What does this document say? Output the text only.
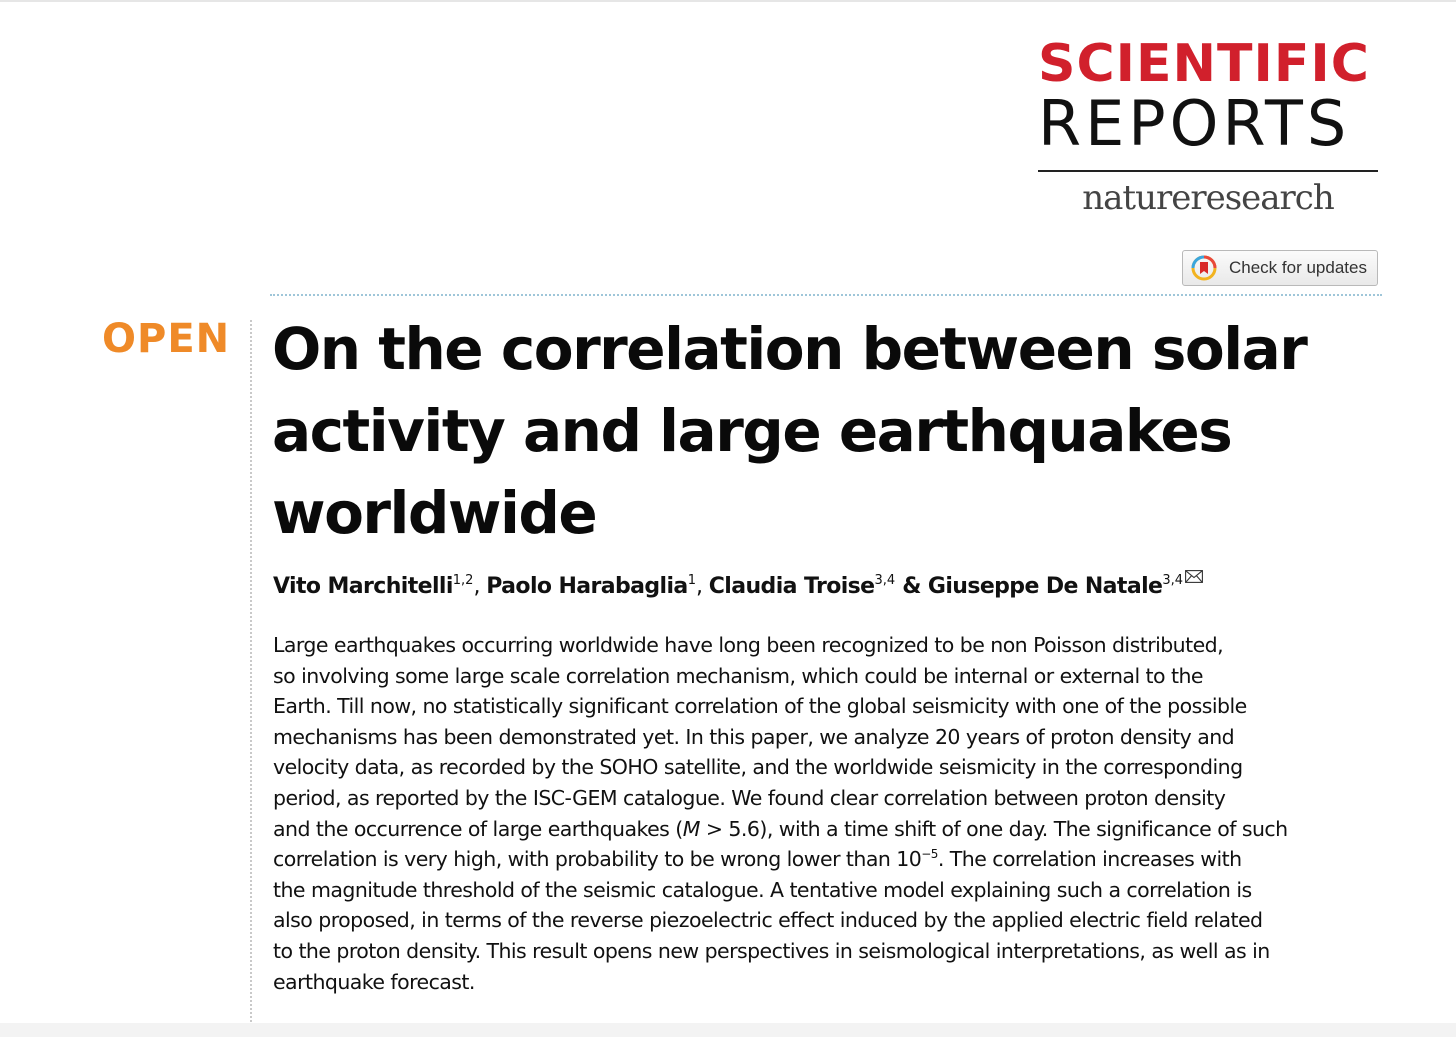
SCIENTIFIC
REPORTS
natureresearch
Check for updates
OPEN On the correlation between solar activity and large earthquakes worldwide
Vito Marchitelli$^{1,2}$, Paolo Harabaglia$^1$, Claudia Troise$^{3,4}$ & Giuseppe De Natale$^{3,4}$

Large earthquakes occurring worldwide have long been recognized to be non Poisson distributed,
so involving some large scale correlation mechanism, which could be internal or external to the
Earth. Till now, no statistically significant correlation of the global seismicity with one of the possible
mechanisms has been demonstrated yet. In this paper, we analyze 20 years of proton density and
velocity data, as recorded by the SOHO satellite, and the worldwide seismicity in the corresponding
period, as reported by the ISC-GEM catalogue. We found clear correlation between proton density
and the occurrence of large earthquakes (M > 5.6), with a time shift of one day. The significance of such
correlation is very high, with probability to be wrong lower than $10^{-5}$. The correlation increases with
the magnitude threshold of the seismic catalogue. A tentative model explaining such a correlation is
also proposed, in terms of the reverse piezoelectric effect induced by the applied electric field related
to the proton density. This result opens new perspectives in seismological interpretations, as well as in
earthquake forecast.
